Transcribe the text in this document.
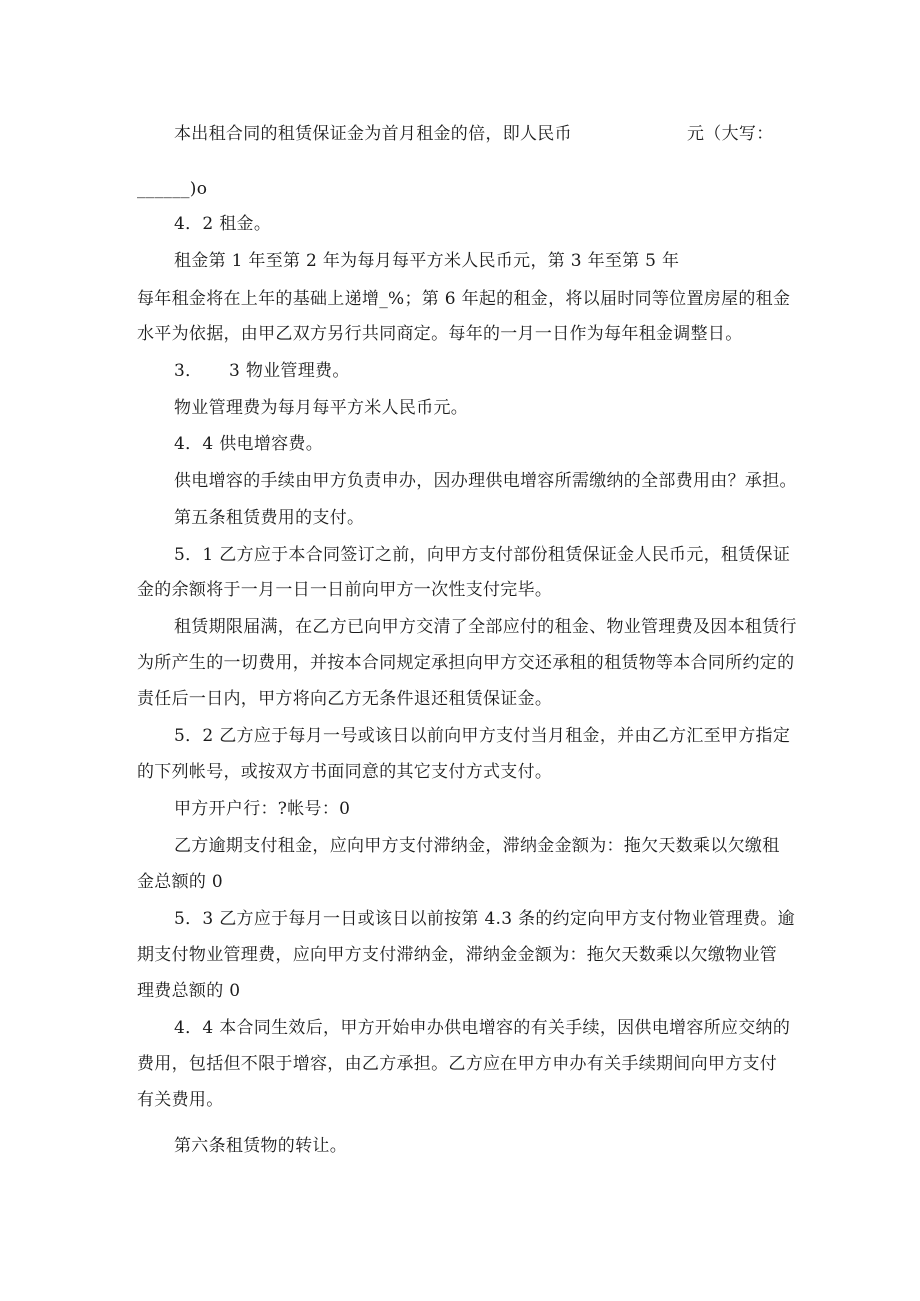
本出租合同的租赁保证金为首月租金的倍，即人民币	元（大写：
______)o
4．2 租金。
租金第 1 年至第 2 年为每月每平方米人民币元，第 3 年至第 5 年
每年租金将在上年的基础上递增_%；第 6 年起的租金，将以届时同等位置房屋的租金
水平为依据，由甲乙双方另行共同商定。每年的一月一日作为每年租金调整日。
3． 3 物业管理费。
物业管理费为每月每平方米人民币元。
4．4 供电增容费。
供电增容的手续由甲方负责申办，因办理供电增容所需缴纳的全部费用由？承担。
第五条租赁费用的支付。
5．1 乙方应于本合同签订之前，向甲方支付部份租赁保证金人民币元，租赁保证
金的余额将于一月一日一日前向甲方一次性支付完毕。
租赁期限届满，在乙方已向甲方交清了全部应付的租金、物业管理费及因本租赁行
为所产生的一切费用，并按本合同规定承担向甲方交还承租的租赁物等本合同所约定的
责任后一日内，甲方将向乙方无条件退还租赁保证金。
5．2 乙方应于每月一号或该日以前向甲方支付当月租金，并由乙方汇至甲方指定
的下列帐号，或按双方书面同意的其它支付方式支付。
甲方开户行：?帐号：0
乙方逾期支付租金，应向甲方支付滞纳金，滞纳金金额为：拖欠天数乘以欠缴租
金总额的 0
5．3 乙方应于每月一日或该日以前按第 4.3 条的约定向甲方支付物业管理费。逾
期支付物业管理费，应向甲方支付滞纳金，滞纳金金额为：拖欠天数乘以欠缴物业管
理费总额的 0
4．4 本合同生效后，甲方开始申办供电增容的有关手续，因供电增容所应交纳的
费用，包括但不限于增容，由乙方承担。乙方应在甲方申办有关手续期间向甲方支付
有关费用。
第六条租赁物的转让。
